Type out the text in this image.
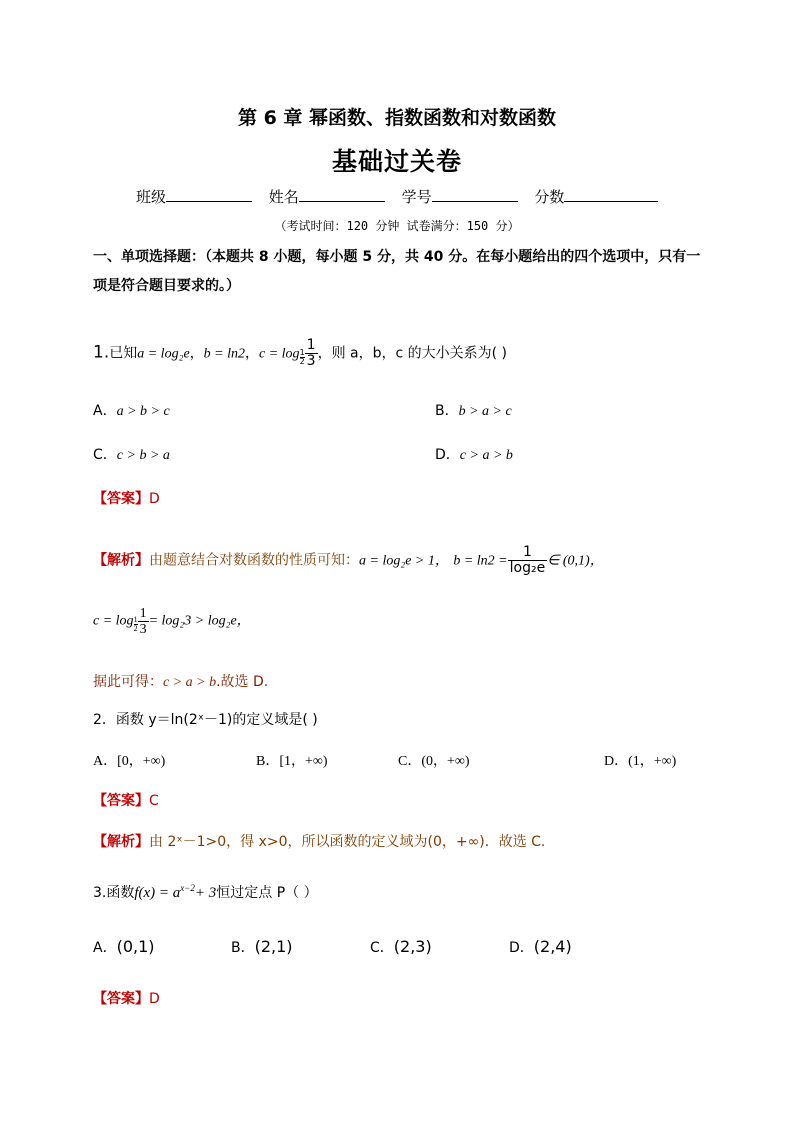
第 6 章 幂函数、指数函数和对数函数
基础过关卷
班级	姓名	学号	分数
（考试时间：120 分钟 试卷满分：150 分）
一、单项选择题：（本题共 8 小题，每小题 5 分，共 40 分。在每小题给出的四个选项中，只有一项是符合题目要求的。）
1.已知a = log₂e，b = ln2，$c = \log \frac{1}{2} \frac{1}{3}$ ，则 a，b，c 的大小关系为( )
A．a > b > c	B．b > a > c
C．c > b > a	D．c > a > b
【答案】D
【解析】由题意结合对数函数的性质可知：a = log₂e > 1， $b = \ln 2 = \frac{1}{\text{log₂e}}$ ∈ (0,1)，
$c = \log \frac{1}{2} \frac{1}{3} = \log_23 > \log_2e$，
据此可得：c > a > b.故选 D.
2．函数 y＝ln(2ˣ－1)的定义域是( )
A．[0，+∞)	B．[1，+∞)	C．(0，+∞)	D．(1，+∞)
【答案】C
【解析】由 2ˣ－1>0，得 x>0，所以函数的定义域为(0，+∞)．故选 C.
3.函数$f(x) = a^{x-2}+ 3$恒过定点 P（ ）
A．(0,1)	B．(2,1)	C．(2,3)	D．(2,4)
【答案】D
